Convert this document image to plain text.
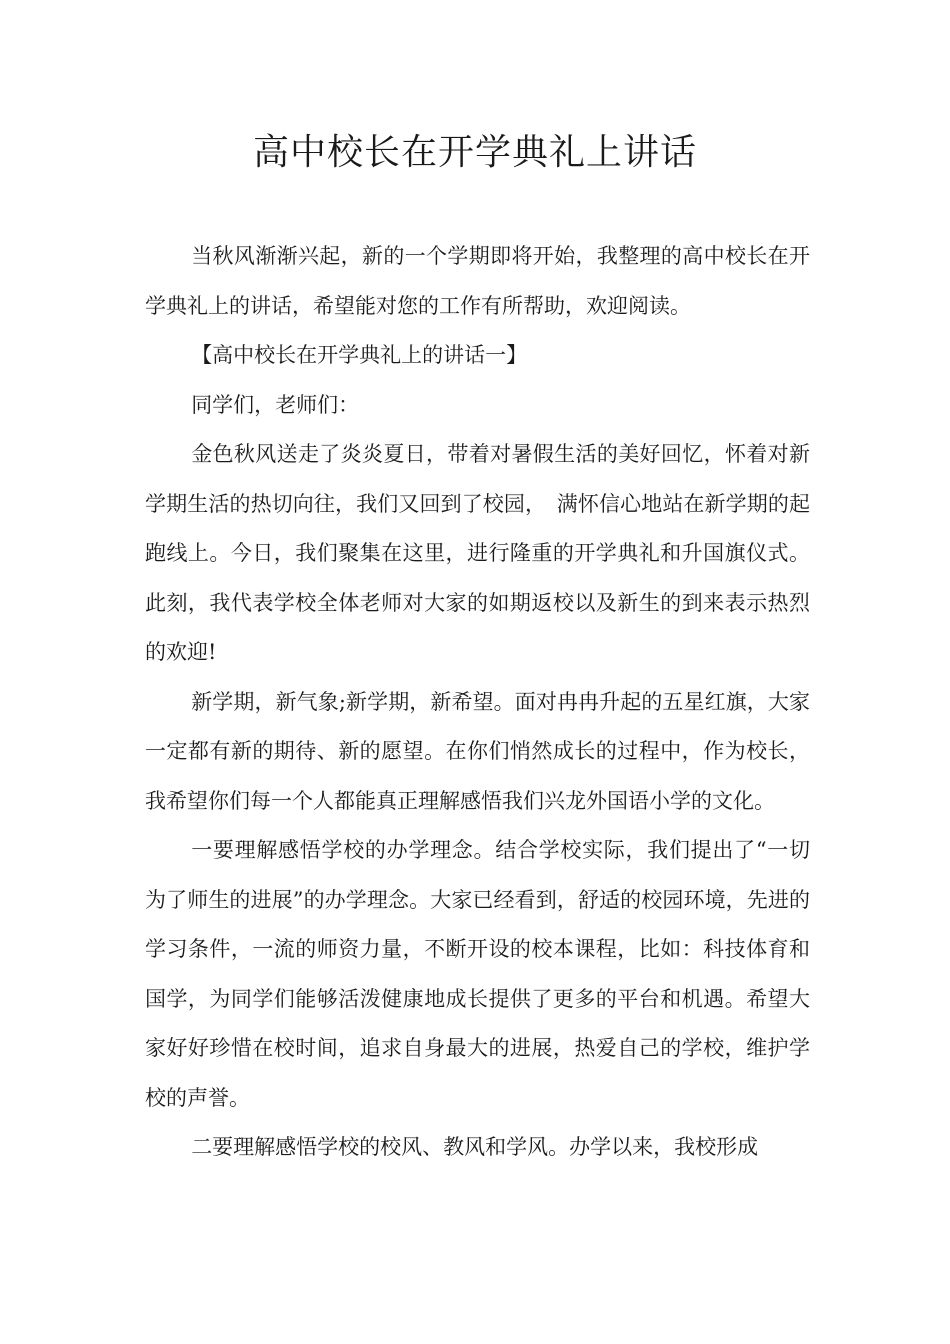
高中校长在开学典礼上讲话

当秋风渐渐兴起，新的一个学期即将开始，我整理的高中校长在开学典礼上的讲话，希望能对您的工作有所帮助，欢迎阅读。

【高中校长在开学典礼上的讲话一】

同学们，老师们：

金色秋风送走了炎炎夏日，带着对暑假生活的美好回忆，怀着对新学期生活的热切向往，我们又回到了校园，　满怀信心地站在新学期的起跑线上。今日，我们聚集在这里，进行隆重的开学典礼和升国旗仪式。此刻，我代表学校全体老师对大家的如期返校以及新生的到来表示热烈的欢迎!

新学期，新气象;新学期，新希望。面对冉冉升起的五星红旗，大家一定都有新的期待、新的愿望。在你们悄然成长的过程中，作为校长，我希望你们每一个人都能真正理解感悟我们兴龙外国语小学的文化。

一要理解感悟学校的办学理念。结合学校实际，我们提出了“一切为了师生的进展”的办学理念。大家已经看到，舒适的校园环境，先进的学习条件，一流的师资力量，不断开设的校本课程，比如：科技体育和国学，为同学们能够活泼健康地成长提供了更多的平台和机遇。希望大家好好珍惜在校时间，追求自身最大的进展，热爱自己的学校，维护学校的声誉。

二要理解感悟学校的校风、教风和学风。办学以来，我校形成
